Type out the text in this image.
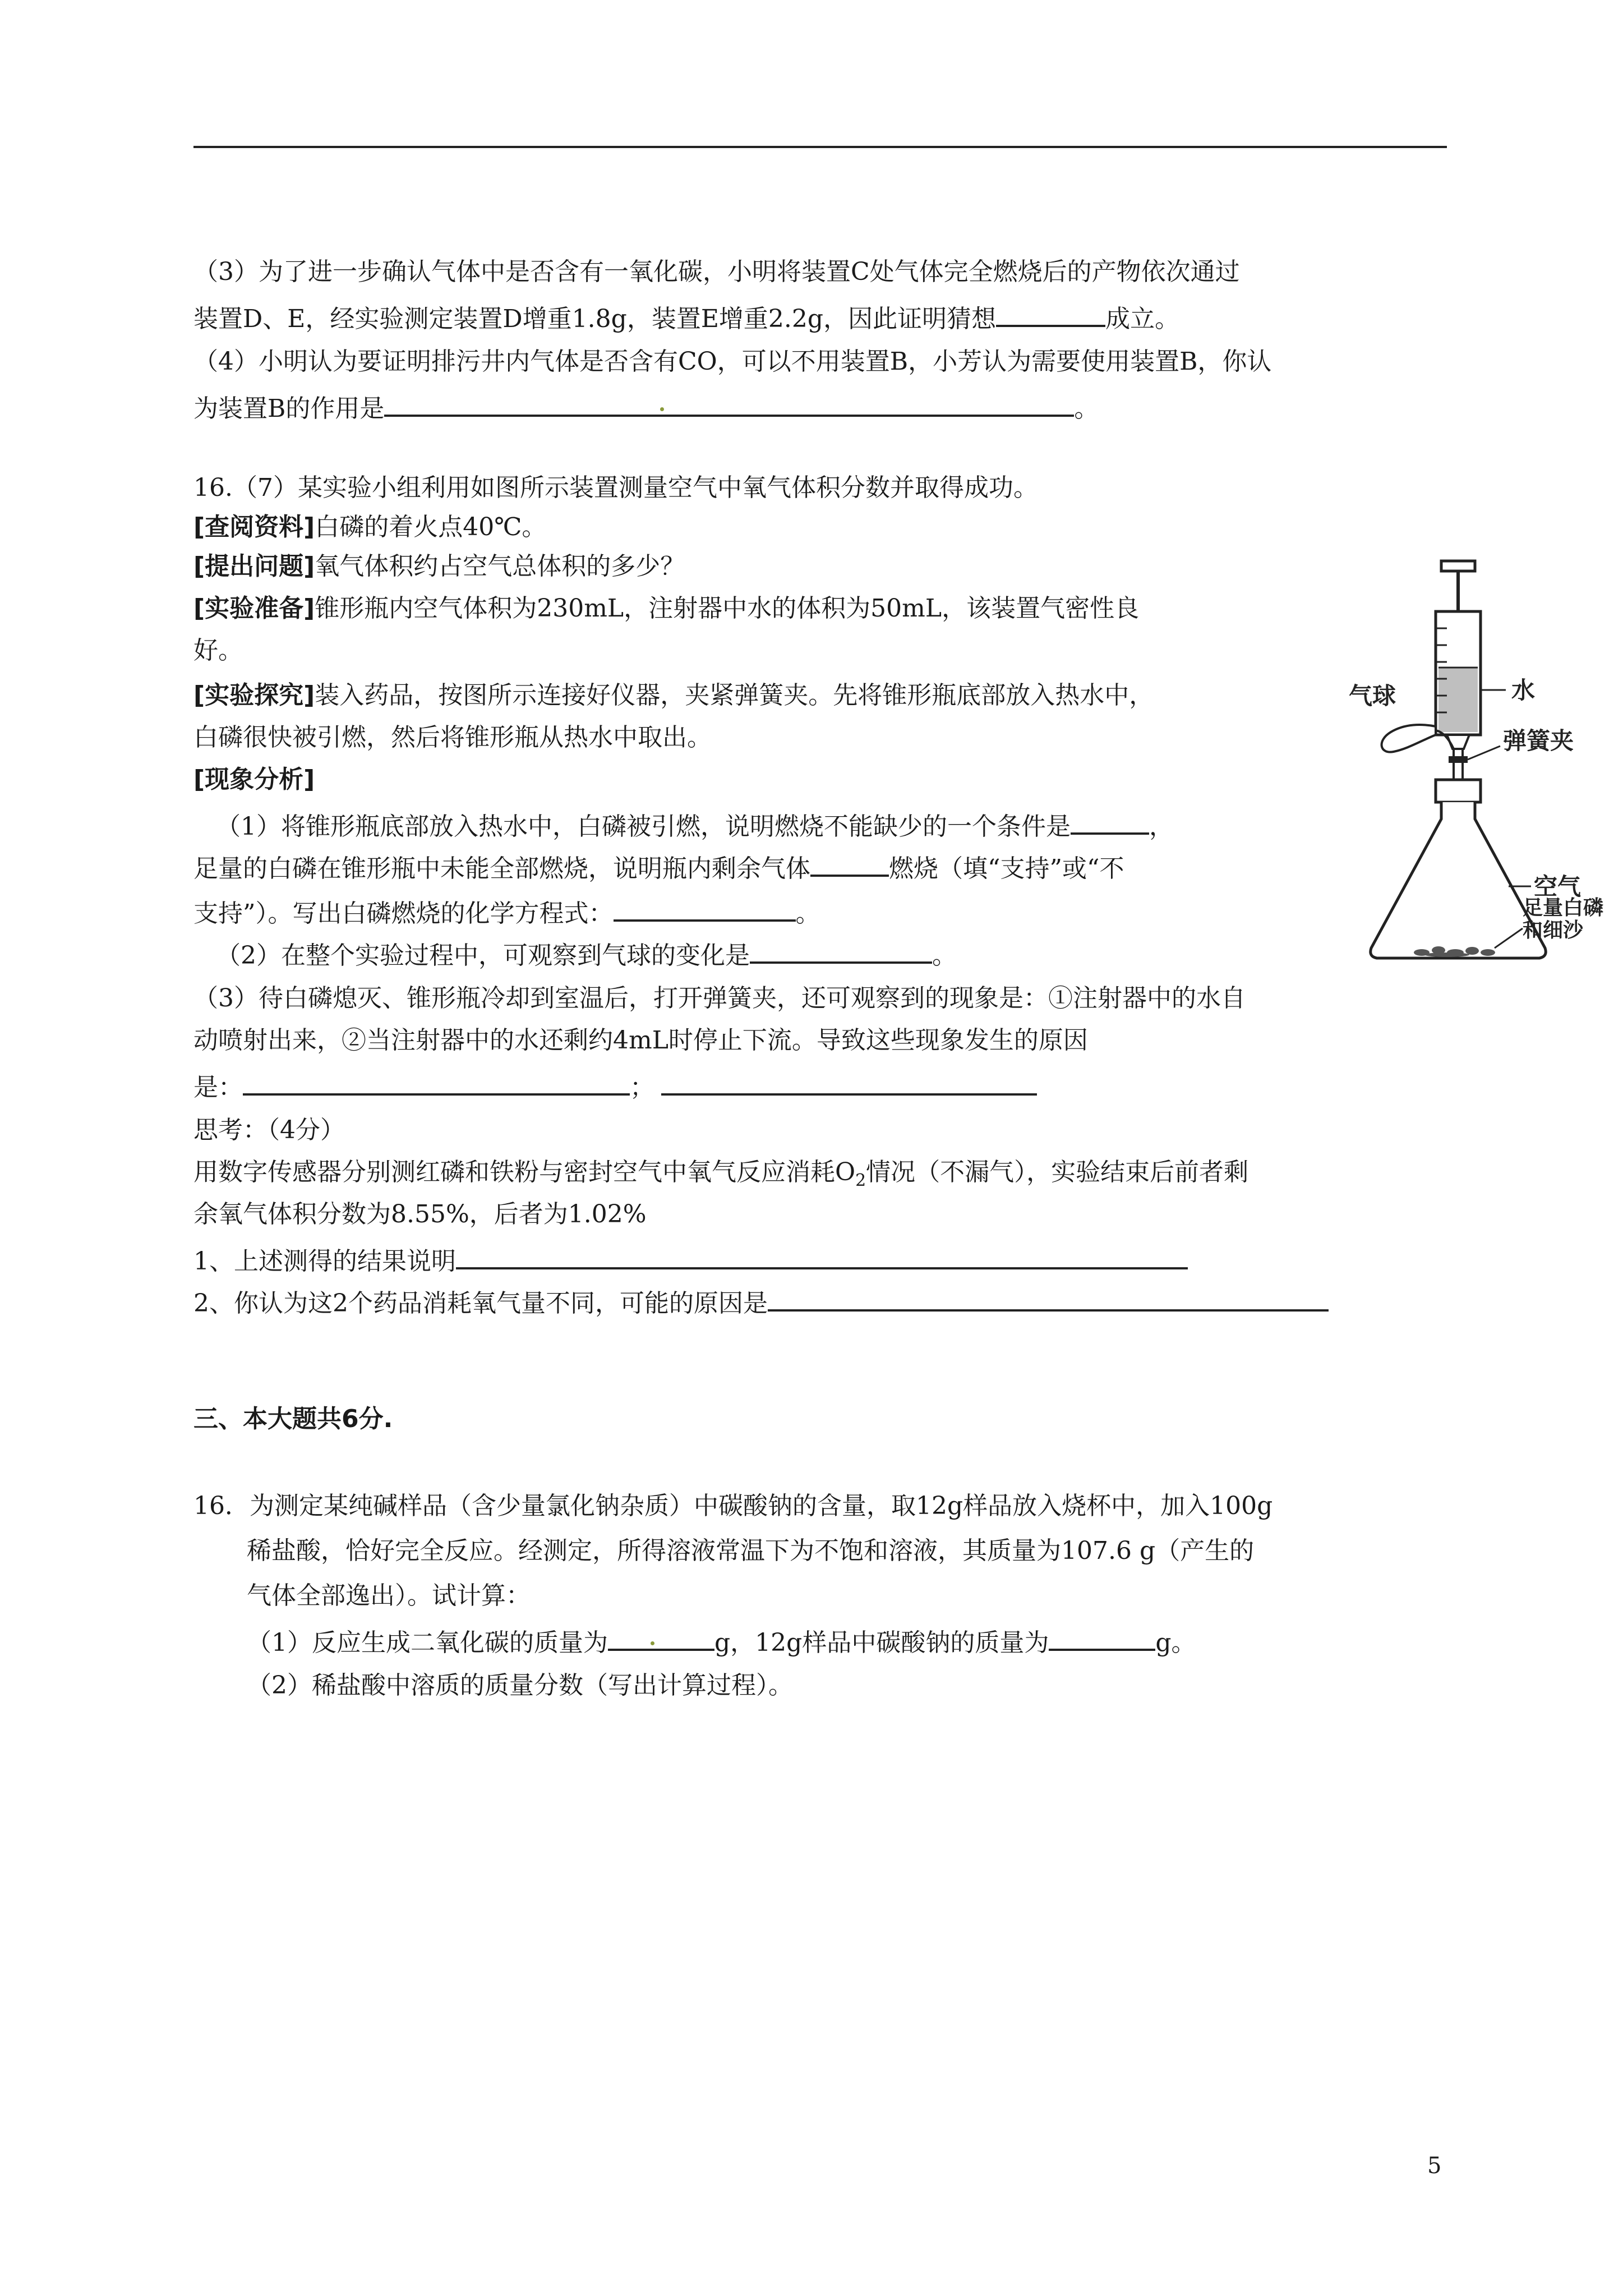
（3）为了进一步确认气体中是否含有一氧化碳，小明将装置C处气体完全燃烧后的产物依次通过
装置D、E，经实验测定装置D增重1.8g，装置E增重2.2g，因此证明猜想	成立。
（4）小明认为要证明排污井内气体是否含有CO，可以不用装置B，小芳认为需要使用装置B，你认
为装置B的作用是	。
16.（7）某实验小组利用如图所示装置测量空气中氧气体积分数并取得成功。
[查阅资料]白磷的着火点40℃。
[提出问题]氧气体积约占空气总体积的多少？
[实验准备]锥形瓶内空气体积为230mL，注射器中水的体积为50mL，该装置气密性良
好。
[实验探究]装入药品，按图所示连接好仪器，夹紧弹簧夹。先将锥形瓶底部放入热水中，
白磷很快被引燃，然后将锥形瓶从热水中取出。
[现象分析]
（1）将锥形瓶底部放入热水中，白磷被引燃，说明燃烧不能缺少的一个条件是	，
足量的白磷在锥形瓶中未能全部燃烧，说明瓶内剩余气体	燃烧（填“支持”或“不
支持”）。写出白磷燃烧的化学方程式：	。
（2）在整个实验过程中，可观察到气球的变化是	。
（3）待白磷熄灭、锥形瓶冷却到室温后，打开弹簧夹，还可观察到的现象是：①注射器中的水自
动喷射出来，②当注射器中的水还剩约4mL时停止下流。导致这些现象发生的原因
是：	；
思考：（4分）
用数字传感器分别测红磷和铁粉与密封空气中氧气反应消耗$O_2$情况（不漏气），实验结束后前者剩
余氧气体积分数为8.55%，后者为1.02%
1、上述测得的结果说明
2、你认为这2个药品消耗氧气量不同，可能的原因是
三、本大题共6分.
16．为测定某纯碱样品（含少量氯化钠杂质）中碳酸钠的含量，取12g样品放入烧杯中，加入100g
稀盐酸，恰好完全反应。经测定，所得溶液常温下为不饱和溶液，其质量为107.6 g（产生的
气体全部逸出）。试计算：
（1）反应生成二氧化碳的质量为	g，12g样品中碳酸钠的质量为	g。
（2）稀盐酸中溶质的质量分数（写出计算过程）。
气球	水
弹簧夹
空气
足量白磷
和细沙
5
